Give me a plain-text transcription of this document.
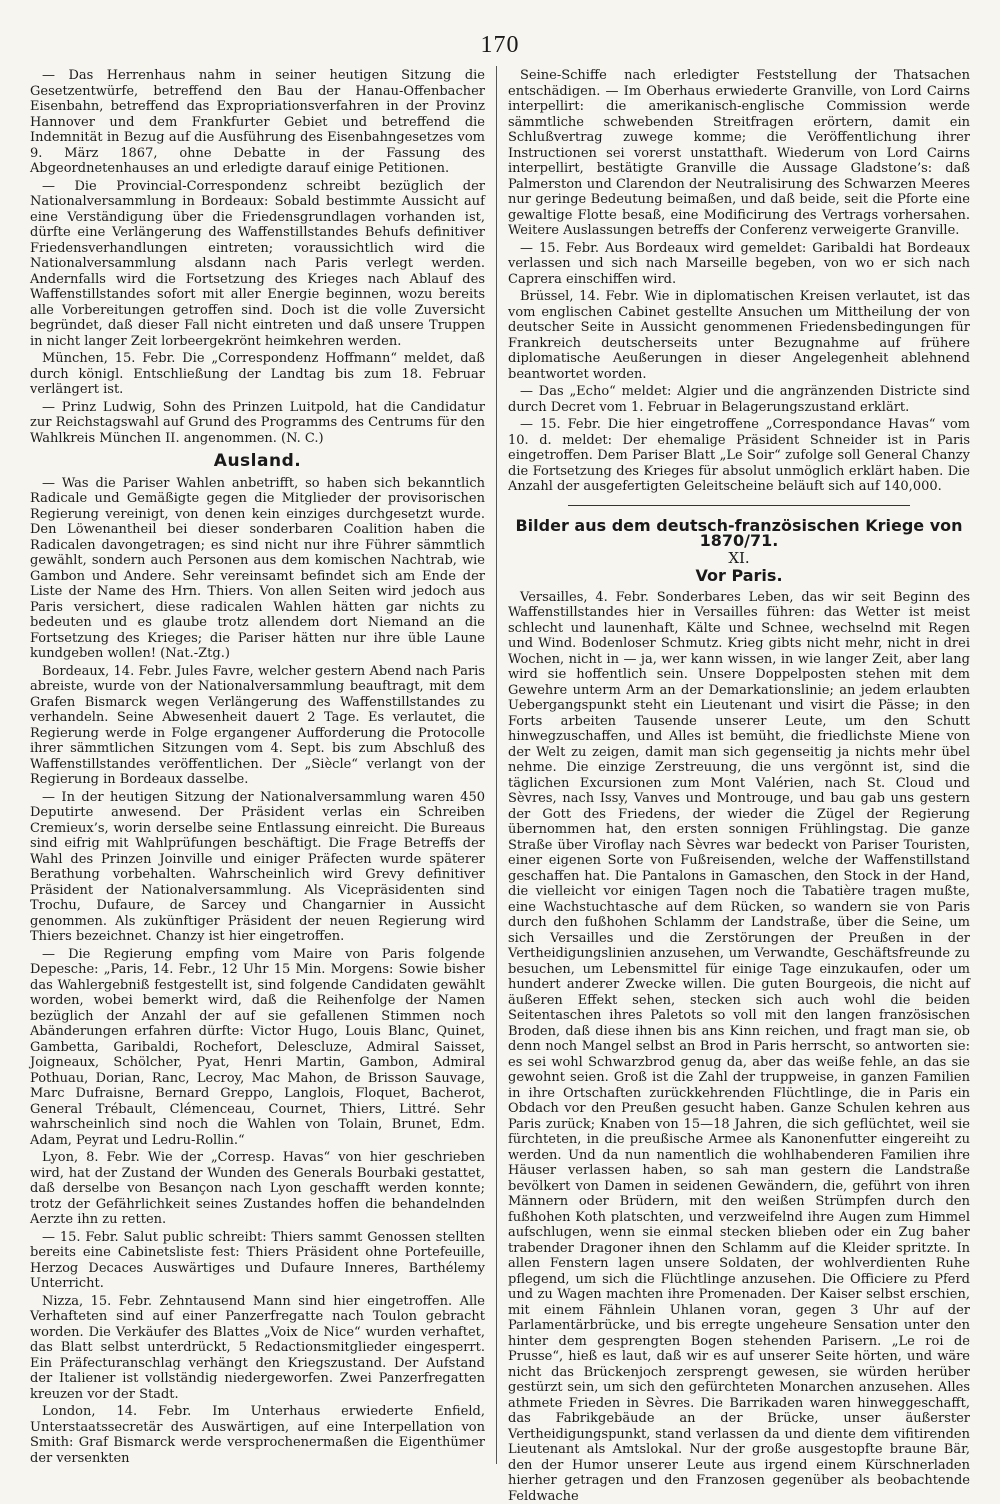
170

— Das Herrenhaus nahm in seiner heutigen Sitzung die Gesetzentwürfe, betreffend den Bau der Hanau-Offenbacher Eisenbahn, betreffend das Expropriationsverfahren in der Provinz Hannover und dem Frankfurter Gebiet und betreffend die Indemnität in Bezug auf die Ausführung des Eisenbahngesetzes vom 9. März 1867, ohne Debatte in der Fassung des Abgeordnetenhauses an und erledigte darauf einige Petitionen.

— Die Provincial-Correspondenz schreibt bezüglich der Nationalversammlung in Bordeaux: Sobald bestimmte Aussicht auf eine Verständigung über die Friedensgrundlagen vorhanden ist, dürfte eine Verlängerung des Waffenstillstandes Behufs definitiver Friedensverhandlungen eintreten; voraussichtlich wird die Nationalversammlung alsdann nach Paris verlegt werden. Andernfalls wird die Fortsetzung des Krieges nach Ablauf des Waffenstillstandes sofort mit aller Energie beginnen, wozu bereits alle Vorbereitungen getroffen sind. Doch ist die volle Zuversicht begründet, daß dieser Fall nicht eintreten und daß unsere Truppen in nicht langer Zeit lorbeergekrönt heimkehren werden.

München, 15. Febr. Die „Correspondenz Hoffmann“ meldet, daß durch königl. Entschließung der Landtag bis zum 18. Februar verlängert ist.

— Prinz Ludwig, Sohn des Prinzen Luitpold, hat die Candidatur zur Reichstagswahl auf Grund des Programms des Centrums für den Wahlkreis München II. angenommen. (N. C.)

Ausland.

— Was die Pariser Wahlen anbetrifft, so haben sich bekanntlich Radicale und Gemäßigte gegen die Mitglieder der provisorischen Regierung vereinigt, von denen kein einziges durchgesetzt wurde. Den Löwenantheil bei dieser sonderbaren Coalition haben die Radicalen davongetragen; es sind nicht nur ihre Führer sämmtlich gewählt, sondern auch Personen aus dem komischen Nachtrab, wie Gambon und Andere. Sehr vereinsamt befindet sich am Ende der Liste der Name des Hrn. Thiers. Von allen Seiten wird jedoch aus Paris versichert, diese radicalen Wahlen hätten gar nichts zu bedeuten und es glaube trotz allendem dort Niemand an die Fortsetzung des Krieges; die Pariser hätten nur ihre üble Laune kundgeben wollen! (Nat.-Ztg.)

Bordeaux, 14. Febr. Jules Favre, welcher gestern Abend nach Paris abreiste, wurde von der Nationalversammlung beauftragt, mit dem Grafen Bismarck wegen Verlängerung des Waffenstillstandes zu verhandeln. Seine Abwesenheit dauert 2 Tage. Es verlautet, die Regierung werde in Folge ergangener Aufforderung die Protocolle ihrer sämmtlichen Sitzungen vom 4. Sept. bis zum Abschluß des Waffenstillstandes veröffentlichen. Der „Siècle“ verlangt von der Regierung in Bordeaux dasselbe.

— In der heutigen Sitzung der Nationalversammlung waren 450 Deputirte anwesend. Der Präsident verlas ein Schreiben Cremieux’s, worin derselbe seine Entlassung einreicht. Die Bureaus sind eifrig mit Wahlprüfungen beschäftigt. Die Frage Betreffs der Wahl des Prinzen Joinville und einiger Präfecten wurde späterer Berathung vorbehalten. Wahrscheinlich wird Grevy definitiver Präsident der Nationalversammlung. Als Vicepräsidenten sind Trochu, Dufaure, de Sarcey und Changarnier in Aussicht genommen. Als zukünftiger Präsident der neuen Regierung wird Thiers bezeichnet. Chanzy ist hier eingetroffen.

— Die Regierung empfing vom Maire von Paris folgende Depesche: „Paris, 14. Febr., 12 Uhr 15 Min. Morgens: Sowie bisher das Wahlergebniß festgestellt ist, sind folgende Candidaten gewählt worden, wobei bemerkt wird, daß die Reihenfolge der Namen bezüglich der Anzahl der auf sie gefallenen Stimmen noch Abänderungen erfahren dürfte: Victor Hugo, Louis Blanc, Quinet, Gambetta, Garibaldi, Rochefort, Delescluze, Admiral Saisset, Joigneaux, Schölcher, Pyat, Henri Martin, Gambon, Admiral Pothuau, Dorian, Ranc, Lecroy, Mac Mahon, de Brisson Sauvage, Marc Dufraisne, Bernard Greppo, Langlois, Floquet, Bacherot, General Trébault, Clémenceau, Cournet, Thiers, Littré. Sehr wahrscheinlich sind noch die Wahlen von Tolain, Brunet, Edm. Adam, Peyrat und Ledru-Rollin.“

Lyon, 8. Febr. Wie der „Corresp. Havas“ von hier geschrieben wird, hat der Zustand der Wunden des Generals Bourbaki gestattet, daß derselbe von Besançon nach Lyon geschafft werden konnte; trotz der Gefährlichkeit seines Zustandes hoffen die behandelnden Aerzte ihn zu retten.

— 15. Febr. Salut public schreibt: Thiers sammt Genossen stellten bereits eine Cabinetsliste fest: Thiers Präsident ohne Portefeuille, Herzog Decaces Auswärtiges und Dufaure Inneres, Barthélemy Unterricht.

Nizza, 15. Febr. Zehntausend Mann sind hier eingetroffen. Alle Verhafteten sind auf einer Panzerfregatte nach Toulon gebracht worden. Die Verkäufer des Blattes „Voix de Nice“ wurden verhaftet, das Blatt selbst unterdrückt, 5 Redactionsmitglieder eingesperrt. Ein Präfecturanschlag verhängt den Kriegszustand. Der Aufstand der Italiener ist vollständig niedergeworfen. Zwei Panzerfregatten kreuzen vor der Stadt.

London, 14. Febr. Im Unterhaus erwiederte Enfield, Unterstaatssecretär des Auswärtigen, auf eine Interpellation von Smith: Graf Bismarck werde versprochenermaßen die Eigenthümer der versenkten

Seine-Schiffe nach erledigter Feststellung der Thatsachen entschädigen. — Im Oberhaus erwiederte Granville, von Lord Cairns interpellirt: die amerikanisch-englische Commission werde sämmtliche schwebenden Streitfragen erörtern, damit ein Schlußvertrag zuwege komme; die Veröffentlichung ihrer Instructionen sei vorerst unstatthaft. Wiederum von Lord Cairns interpellirt, bestätigte Granville die Aussage Gladstone’s: daß Palmerston und Clarendon der Neutralisirung des Schwarzen Meeres nur geringe Bedeutung beimaßen, und daß beide, seit die Pforte eine gewaltige Flotte besaß, eine Modificirung des Vertrags vorhersahen. Weitere Auslassungen betreffs der Conferenz verweigerte Granville.

— 15. Febr. Aus Bordeaux wird gemeldet: Garibaldi hat Bordeaux verlassen und sich nach Marseille begeben, von wo er sich nach Caprera einschiffen wird.

Brüssel, 14. Febr. Wie in diplomatischen Kreisen verlautet, ist das vom englischen Cabinet gestellte Ansuchen um Mittheilung der von deutscher Seite in Aussicht genommenen Friedensbedingungen für Frankreich deutscherseits unter Bezugnahme auf frühere diplomatische Aeußerungen in dieser Angelegenheit ablehnend beantwortet worden.

— Das „Echo“ meldet: Algier und die angränzenden Districte sind durch Decret vom 1. Februar in Belagerungszustand erklärt.

— 15. Febr. Die hier eingetroffene „Correspondance Havas“ vom 10. d. meldet: Der ehemalige Präsident Schneider ist in Paris eingetroffen. Dem Pariser Blatt „Le Soir“ zufolge soll General Chanzy die Fortsetzung des Krieges für absolut unmöglich erklärt haben. Die Anzahl der ausgefertigten Geleitscheine beläuft sich auf 140,000.

Bilder aus dem deutsch-französischen Kriege von 1870/71.
XI.
Vor Paris.

Versailles, 4. Febr. Sonderbares Leben, das wir seit Beginn des Waffenstillstandes hier in Versailles führen: das Wetter ist meist schlecht und launenhaft, Kälte und Schnee, wechselnd mit Regen und Wind. Bodenloser Schmutz. Krieg gibts nicht mehr, nicht in drei Wochen, nicht in — ja, wer kann wissen, in wie langer Zeit, aber lang wird sie hoffentlich sein. Unsere Doppelposten stehen mit dem Gewehre unterm Arm an der Demarkationslinie; an jedem erlaubten Uebergangspunkt steht ein Lieutenant und visirt die Pässe; in den Forts arbeiten Tausende unserer Leute, um den Schutt hinwegzuschaffen, und Alles ist bemüht, die friedlichste Miene von der Welt zu zeigen, damit man sich gegenseitig ja nichts mehr übel nehme. Die einzige Zerstreuung, die uns vergönnt ist, sind die täglichen Excursionen zum Mont Valérien, nach St. Cloud und Sèvres, nach Issy, Vanves und Montrouge, und bau gab uns gestern der Gott des Friedens, der wieder die Zügel der Regierung übernommen hat, den ersten sonnigen Frühlingstag. Die ganze Straße über Viroflay nach Sèvres war bedeckt von Pariser Touristen, einer eigenen Sorte von Fußreisenden, welche der Waffenstillstand geschaffen hat. Die Pantalons in Gamaschen, den Stock in der Hand, die vielleicht vor einigen Tagen noch die Tabatière tragen mußte, eine Wachstuchtasche auf dem Rücken, so wandern sie von Paris durch den fußhohen Schlamm der Landstraße, über die Seine, um sich Versailles und die Zerstörungen der Preußen in der Vertheidigungslinien anzusehen, um Verwandte, Geschäftsfreunde zu besuchen, um Lebensmittel für einige Tage einzukaufen, oder um hundert anderer Zwecke willen. Die guten Bourgeois, die nicht auf äußeren Effekt sehen, stecken sich auch wohl die beiden Seitentaschen ihres Paletots so voll mit den langen französischen Broden, daß diese ihnen bis ans Kinn reichen, und fragt man sie, ob denn noch Mangel selbst an Brod in Paris herrscht, so antworten sie: es sei wohl Schwarzbrod genug da, aber das weiße fehle, an das sie gewohnt seien. Groß ist die Zahl der truppweise, in ganzen Familien in ihre Ortschaften zurückkehrenden Flüchtlinge, die in Paris ein Obdach vor den Preußen gesucht haben. Ganze Schulen kehren aus Paris zurück; Knaben von 15—18 Jahren, die sich geflüchtet, weil sie fürchteten, in die preußische Armee als Kanonenfutter eingereiht zu werden. Und da nun namentlich die wohlhabenderen Familien ihre Häuser verlassen haben, so sah man gestern die Landstraße bevölkert von Damen in seidenen Gewändern, die, geführt von ihren Männern oder Brüdern, mit den weißen Strümpfen durch den fußhohen Koth platschten, und verzweifelnd ihre Augen zum Himmel aufschlugen, wenn sie einmal stecken blieben oder ein Zug baher trabender Dragoner ihnen den Schlamm auf die Kleider spritzte. In allen Fenstern lagen unsere Soldaten, der wohlverdienten Ruhe pflegend, um sich die Flüchtlinge anzusehen. Die Officiere zu Pferd und zu Wagen machten ihre Promenaden. Der Kaiser selbst erschien, mit einem Fähnlein Uhlanen voran, gegen 3 Uhr auf der Parlamentärbrücke, und bis erregte ungeheure Sensation unter den hinter dem gesprengten Bogen stehenden Parisern. „Le roi de Prusse“, hieß es laut, daß wir es auf unserer Seite hörten, und wäre nicht das Brückenjoch zersprengt gewesen, sie würden herüber gestürzt sein, um sich den gefürchteten Monarchen anzusehen. Alles athmete Frieden in Sèvres. Die Barrikaden waren hinweggeschafft, das Fabrikgebäude an der Brücke, unser äußerster Vertheidigungspunkt, stand verlassen da und diente dem vifitirenden Lieutenant als Amtslokal. Nur der große ausgestopfte braune Bär, den der Humor unserer Leute aus irgend einem Kürschnerladen hierher getragen und den Franzosen gegenüber als beobachtende Feldwache
